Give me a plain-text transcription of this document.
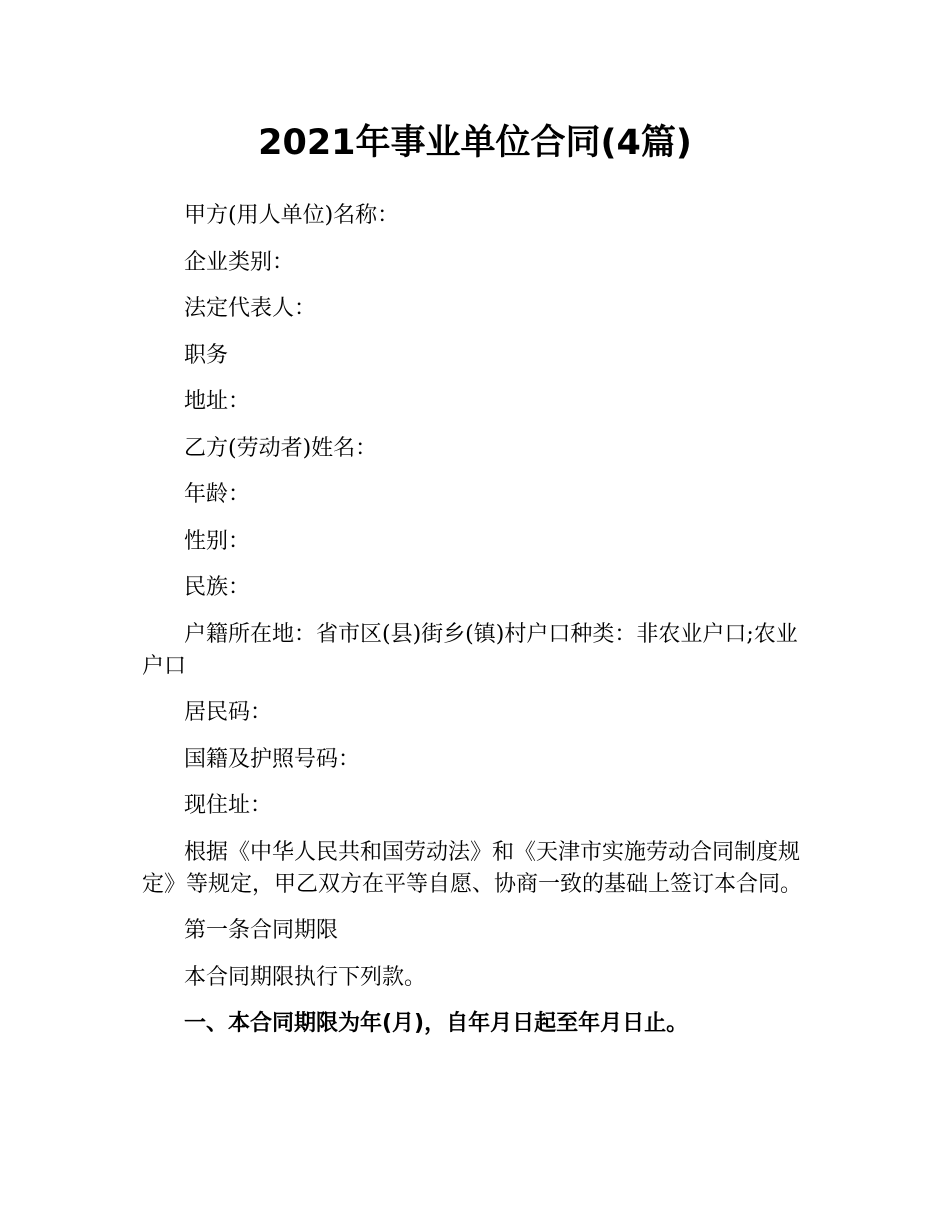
2021年事业单位合同(4篇)

甲方(用人单位)名称：

企业类别：

法定代表人：

职务

地址：

乙方(劳动者)姓名：

年龄：

性别：

民族：

户籍所在地：省市区(县)街乡(镇)村户口种类：非农业户口;农业户口

居民码：

国籍及护照号码：

现住址：

根据《中华人民共和国劳动法》和《天津市实施劳动合同制度规定》等规定，甲乙双方在平等自愿、协商一致的基础上签订本合同。

第一条合同期限

本合同期限执行下列款。

一、本合同期限为年(月)，自年月日起至年月日止。
